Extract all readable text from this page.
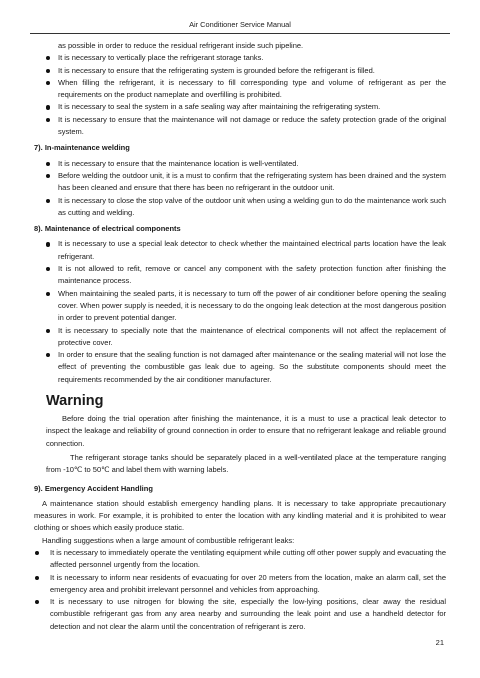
Air Conditioner Service Manual

as possible in order to reduce the residual refrigerant inside such pipeline.

It is necessary to vertically place the refrigerant storage tanks.
It is necessary to ensure that the refrigerating system is grounded before the refrigerant is filled.
When filling the refrigerant, it is necessary to fill corresponding type and volume of refrigerant as per the requirements on the product nameplate and overfilling is prohibited.
It is necessary to seal the system in a safe sealing way after maintaining the refrigerating system.
It is necessary to ensure that the maintenance will not damage or reduce the safety protection grade of the original system.

7). In-maintenance welding

It is necessary to ensure that the maintenance location is well-ventilated.
Before welding the outdoor unit, it is a must to confirm that the refrigerating system has been drained and the system has been cleaned and ensure that there has been no refrigerant in the outdoor unit.
It is necessary to close the stop valve of the outdoor unit when using a welding gun to do the maintenance work such as cutting and welding.

8). Maintenance of electrical components

It is necessary to use a special leak detector to check whether the maintained electrical parts location have the leak refrigerant.
It is not allowed to refit, remove or cancel any component with the safety protection function after finishing the maintenance process.
When maintaining the sealed parts, it is necessary to turn off the power of air conditioner before opening the sealing cover. When power supply is needed, it is necessary to do the ongoing leak detection at the most dangerous position in order to prevent potential danger.
It is necessary to specially note that the maintenance of electrical components will not affect the replacement of protective cover.
In order to ensure that the sealing function is not damaged after maintenance or the sealing material will not lose the effect of preventing the combustible gas leak due to ageing. So the substitute components should meet the requirements recommended by the air conditioner manufacturer.
Warning

Before doing the trial operation after finishing the maintenance, it is a must to use a practical leak detector to inspect the leakage and reliability of ground connection in order to ensure that no refrigerant leakage and reliable ground connection.

The refrigerant storage tanks should be separately placed in a well-ventilated place at the temperature ranging from -10℃ to 50℃ and label them with warning labels.

9). Emergency Accident Handling

A maintenance station should establish emergency handling plans. It is necessary to take appropriate precautionary measures in work. For example, it is prohibited to enter the location with any kindling material and it is prohibited to wear clothing or shoes which easily produce static.

Handling suggestions when a large amount of combustible refrigerant leaks:

It is necessary to immediately operate the ventilating equipment while cutting off other power supply and evacuating the affected personnel urgently from the location.
It is necessary to inform near residents of evacuating for over 20 meters from the location, make an alarm call, set the emergency area and prohibit irrelevant personnel and vehicles from approaching.
It is necessary to use nitrogen for blowing the site, especially the low-lying positions, clear away the residual combustible refrigerant gas from any area nearby and surrounding the leak point and use a handheld detector for detection and not clear the alarm until the concentration of refrigerant is zero.
21
